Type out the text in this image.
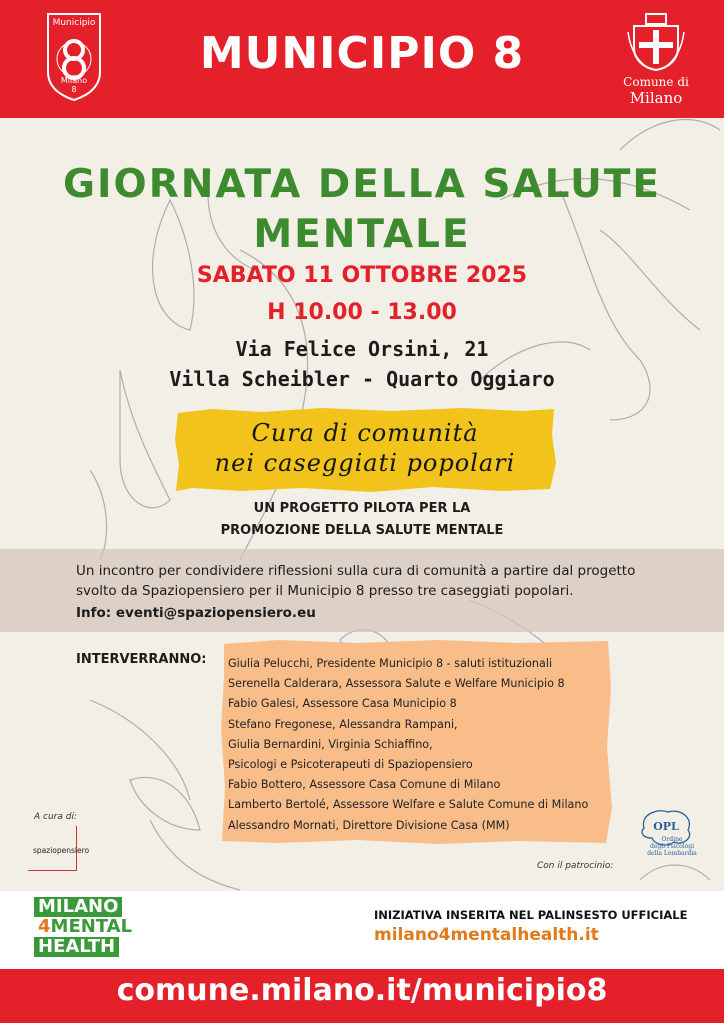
Municipio
Milano
8
MUNICIPIO 8
Comune di
Milano
GIORNATA DELLA SALUTE
MENTALE
SABATO 11 OTTOBRE 2025
H 10.00 - 13.00
Via Felice Orsini, 21
Villa Scheibler - Quarto Oggiaro
Cura di comunità
nei caseggiati popolari
UN PROGETTO PILOTA PER LA
PROMOZIONE DELLA SALUTE MENTALE
Un incontro per condividere riflessioni sulla cura di comunità a partire dal progetto
svolto da Spaziopensiero per il Municipio 8 presso tre caseggiati popolari.
Info: eventi@spaziopensiero.eu
INTERVERRANNO: Giulia Pelucchi, Presidente Municipio 8 - saluti istituzionali
Serenella Calderara, Assessora Salute e Welfare Municipio 8
Fabio Galesi, Assessore Casa Municipio 8
Stefano Fregonese, Alessandra Rampani,
Giulia Bernardini, Virginia Schiaffino,
Psicologi e Psicoterapeuti di Spaziopensiero
Fabio Bottero, Assessore Casa Comune di Milano
Lamberto Bertolé, Assessore Welfare e Salute Comune di Milano
Alessandro Mornati, Direttore Divisione Casa (MM)
A cura di:
spaziopensiero
Con il patrocinio:
OPL
Ordine
degli Psicologi
della Lombardia
MILANO
4MENTAL
HEALTH
INIZIATIVA INSERITA NEL PALINSESTO UFFICIALE
milano4mentalhealth.it
comune.milano.it/municipio8
